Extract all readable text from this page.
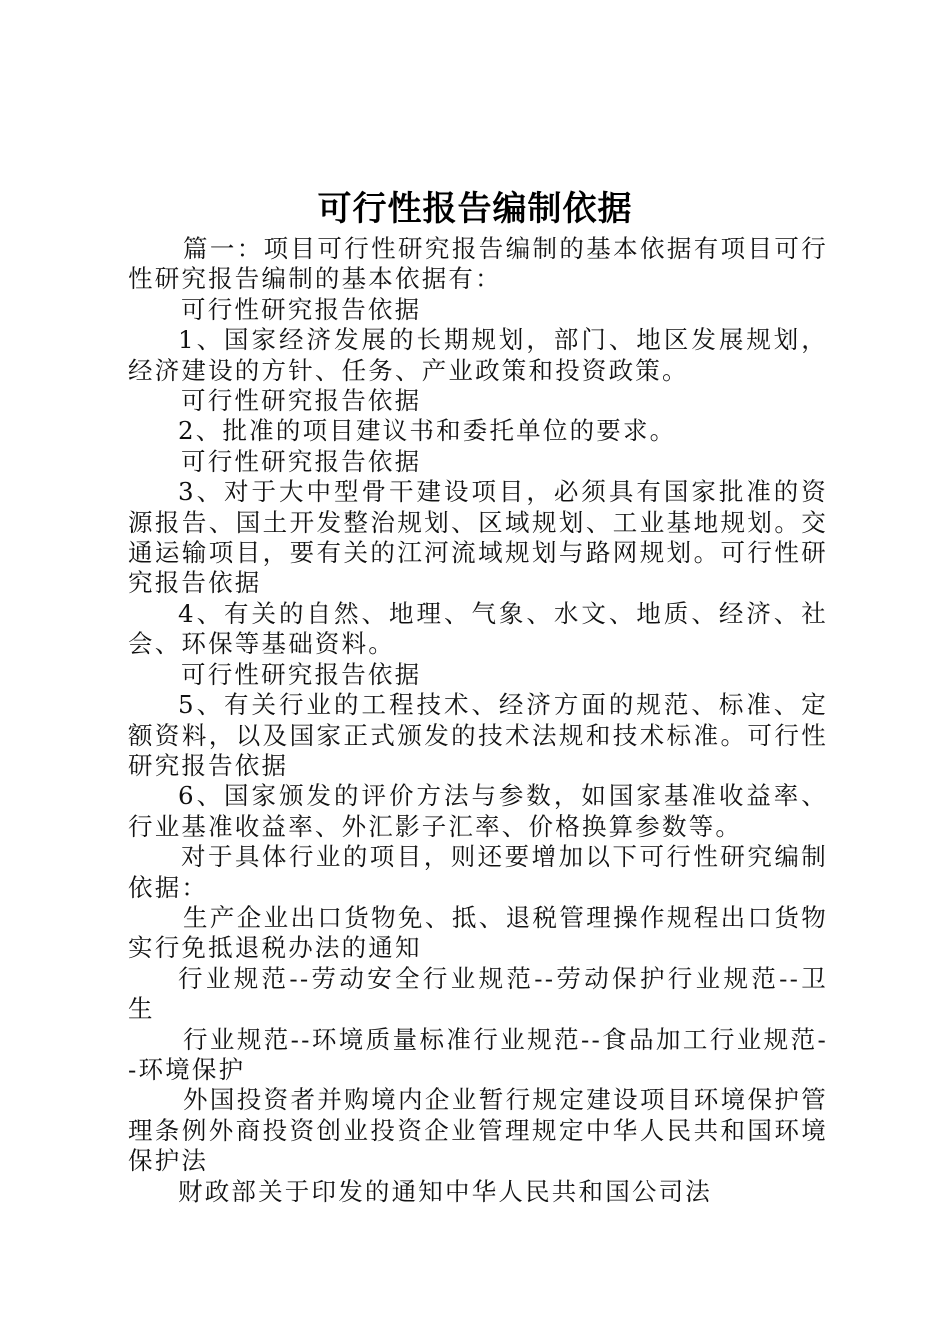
可行性报告编制依据

篇一：项目可行性研究报告编制的基本依据有项目可行性研究报告编制的基本依据有：

可行性研究报告依据

1、国家经济发展的长期规划，部门、地区发展规划，经济建设的方针、任务、产业政策和投资政策。

可行性研究报告依据

2、批准的项目建议书和委托单位的要求。

可行性研究报告依据

3、对于大中型骨干建设项目，必须具有国家批准的资源报告、国土开发整治规划、区域规划、工业基地规划。交通运输项目，要有关的江河流域规划与路网规划。可行性研究报告依据

4、有关的自然、地理、气象、水文、地质、经济、社会、环保等基础资料。

可行性研究报告依据

5、有关行业的工程技术、经济方面的规范、标准、定额资料，以及国家正式颁发的技术法规和技术标准。可行性研究报告依据

6、国家颁发的评价方法与参数，如国家基准收益率、行业基准收益率、外汇影子汇率、价格换算参数等。

对于具体行业的项目，则还要增加以下可行性研究编制依据：

生产企业出口货物免、抵、退税管理操作规程出口货物实行免抵退税办法的通知

行业规范--劳动安全行业规范--劳动保护行业规范--卫生

行业规范--环境质量标准行业规范--食品加工行业规范--环境保护

外国投资者并购境内企业暂行规定建设项目环境保护管理条例外商投资创业投资企业管理规定中华人民共和国环境保护法

财政部关于印发的通知中华人民共和国公司法
